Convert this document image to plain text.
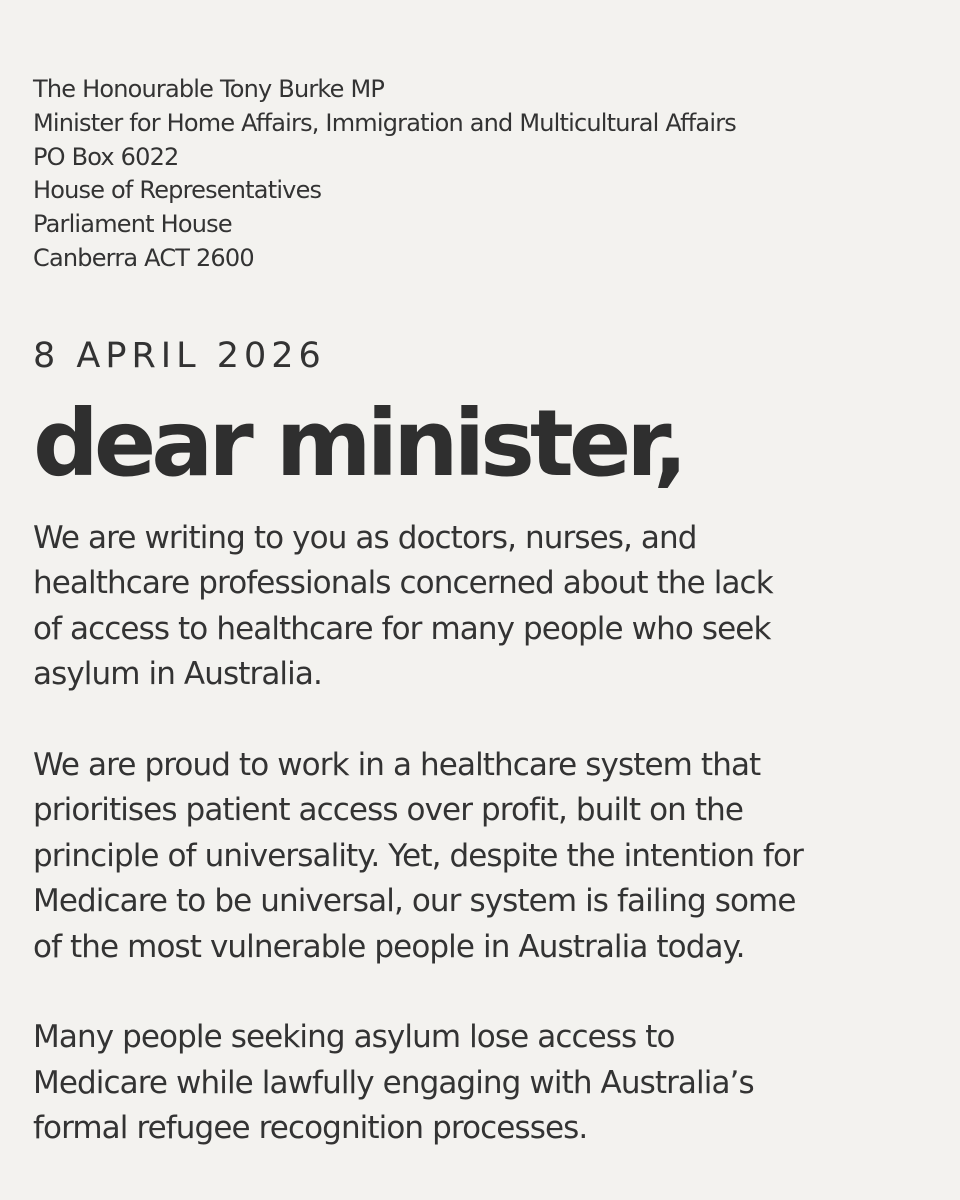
The Honourable Tony Burke MP
Minister for Home Affairs, Immigration and Multicultural Affairs
PO Box 6022
House of Representatives
Parliament House
Canberra ACT 2600
8 APRIL 2026
dear minister,

We are writing to you as doctors, nurses, and
healthcare professionals concerned about the lack
of access to healthcare for many people who seek
asylum in Australia.

We are proud to work in a healthcare system that
prioritises patient access over profit, built on the
principle of universality. Yet, despite the intention for
Medicare to be universal, our system is failing some
of the most vulnerable people in Australia today.

Many people seeking asylum lose access to
Medicare while lawfully engaging with Australia’s
formal refugee recognition processes.
